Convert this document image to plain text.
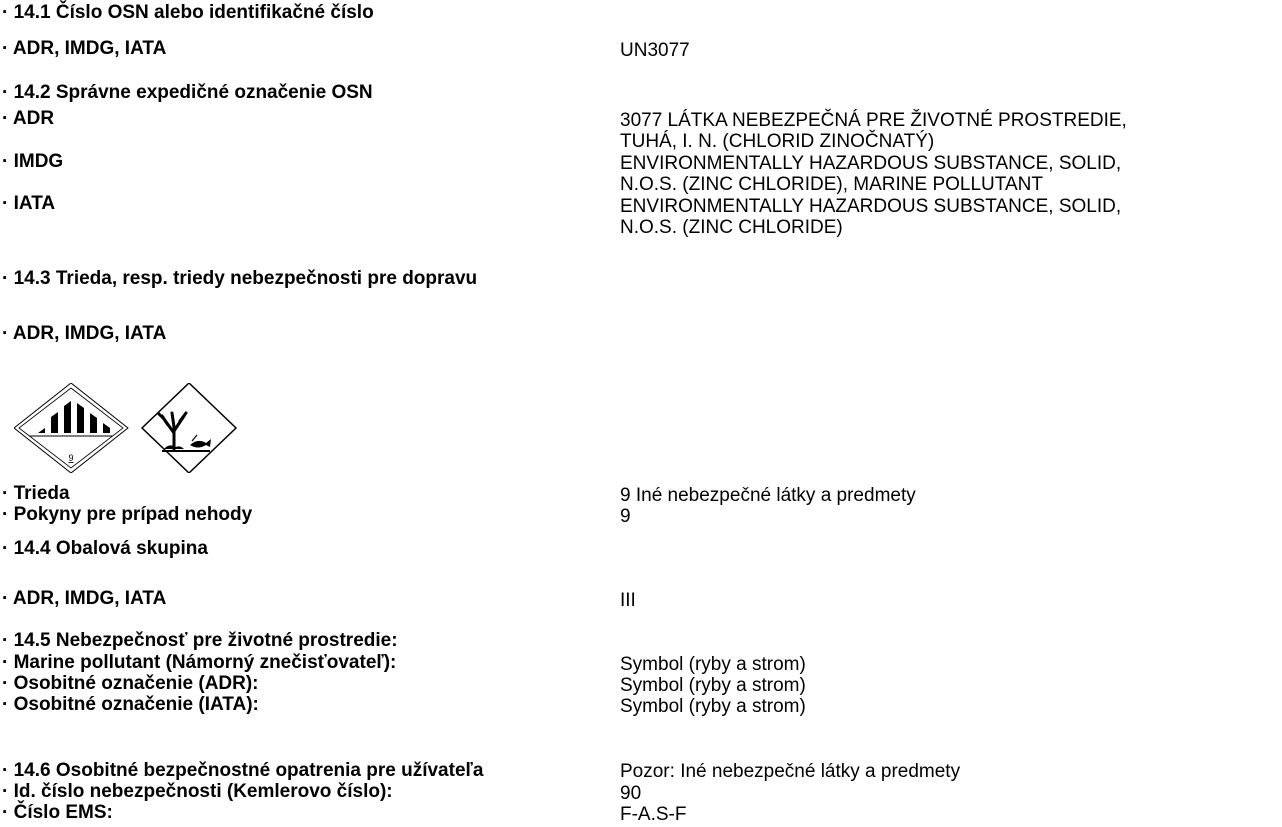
· 14.1 Číslo OSN alebo identifikačné číslo
· ADR, IMDG, IATA	UN3077
· 14.2 Správne expedičné označenie OSN
· ADR	3077 LÁTKA NEBEZPEČNÁ PRE ŽIVOTNÉ PROSTREDIE,
TUHÁ, I. N. (CHLORID ZINOČNATÝ)
· IMDG	ENVIRONMENTALLY HAZARDOUS SUBSTANCE, SOLID,
N.O.S. (ZINC CHLORIDE), MARINE POLLUTANT
· IATA	ENVIRONMENTALLY HAZARDOUS SUBSTANCE, SOLID,
N.O.S. (ZINC CHLORIDE)
· 14.3 Trieda, resp. triedy nebezpečnosti pre dopravu
· ADR, IMDG, IATA
9
· Trieda	9 Iné nebezpečné látky a predmety
· Pokyny pre prípad nehody	9
· 14.4 Obalová skupina
· ADR, IMDG, IATA	III
· 14.5 Nebezpečnosť pre životné prostredie:
· Marine pollutant (Námorný znečisťovateľ):	Symbol (ryby a strom)
· Osobitné označenie (ADR):	Symbol (ryby a strom)
· Osobitné označenie (IATA):	Symbol (ryby a strom)
· 14.6 Osobitné bezpečnostné opatrenia pre užívateľa	Pozor: Iné nebezpečné látky a predmety
· Id. číslo nebezpečnosti (Kemlerovo číslo):	90
· Číslo EMS:	F-A.S-F
